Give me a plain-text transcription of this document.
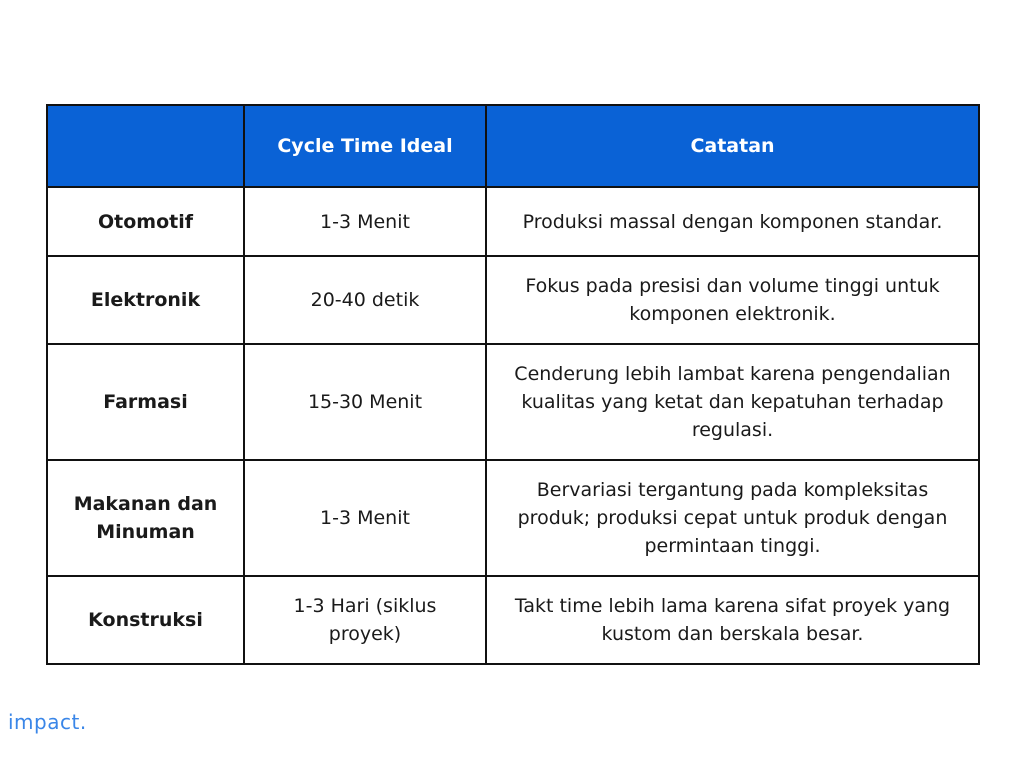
	Cycle Time Ideal	Catatan
Otomotif	1-3 Menit	Produksi massal dengan komponen standar.
Elektronik	20-40 detik	Fokus pada presisi dan volume tinggi untuk komponen elektronik.
Farmasi	15-30 Menit	Cenderung lebih lambat karena pengendalian kualitas yang ketat dan kepatuhan terhadap regulasi.
Makanan dan Minuman	1-3 Menit	Bervariasi tergantung pada kompleksitas produk; produksi cepat untuk produk dengan permintaan tinggi.
Konstruksi	1-3 Hari (siklus proyek)	Takt time lebih lama karena sifat proyek yang kustom dan berskala besar.
impact.
